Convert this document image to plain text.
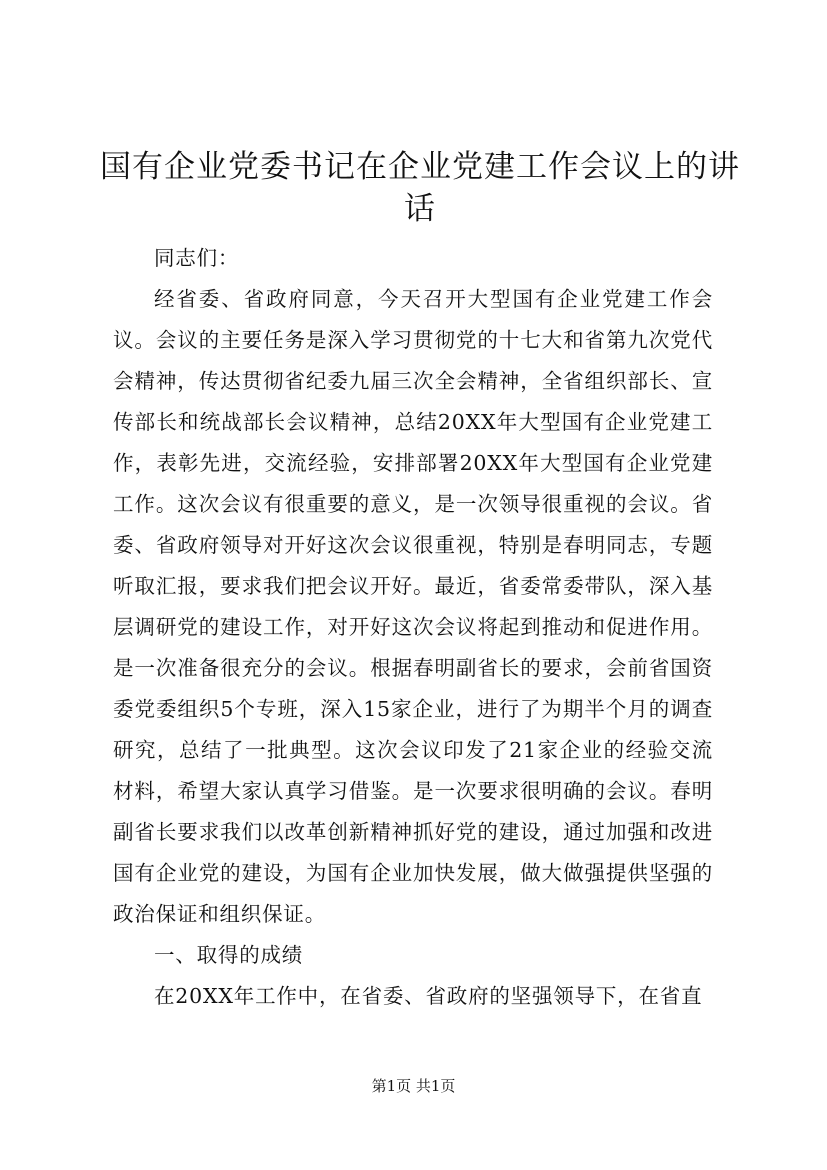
国有企业党委书记在企业党建工作会议上的讲话

同志们：

经省委、省政府同意，今天召开大型国有企业党建工作会议。会议的主要任务是深入学习贯彻党的十七大和省第九次党代会精神，传达贯彻省纪委九届三次全会精神，全省组织部长、宣传部长和统战部长会议精神，总结20XX年大型国有企业党建工作，表彰先进，交流经验，安排部署20XX年大型国有企业党建工作。这次会议有很重要的意义，是一次领导很重视的会议。省委、省政府领导对开好这次会议很重视，特别是春明同志，专题听取汇报，要求我们把会议开好。最近，省委常委带队，深入基层调研党的建设工作，对开好这次会议将起到推动和促进作用。是一次准备很充分的会议。根据春明副省长的要求，会前省国资委党委组织5个专班，深入15家企业，进行了为期半个月的调查研究，总结了一批典型。这次会议印发了21家企业的经验交流材料，希望大家认真学习借鉴。是一次要求很明确的会议。春明副省长要求我们以改革创新精神抓好党的建设，通过加强和改进国有企业党的建设，为国有企业加快发展，做大做强提供坚强的政治保证和组织保证。

一、取得的成绩

在20XX年工作中，在省委、省政府的坚强领导下，在省直

第1页 共1页
